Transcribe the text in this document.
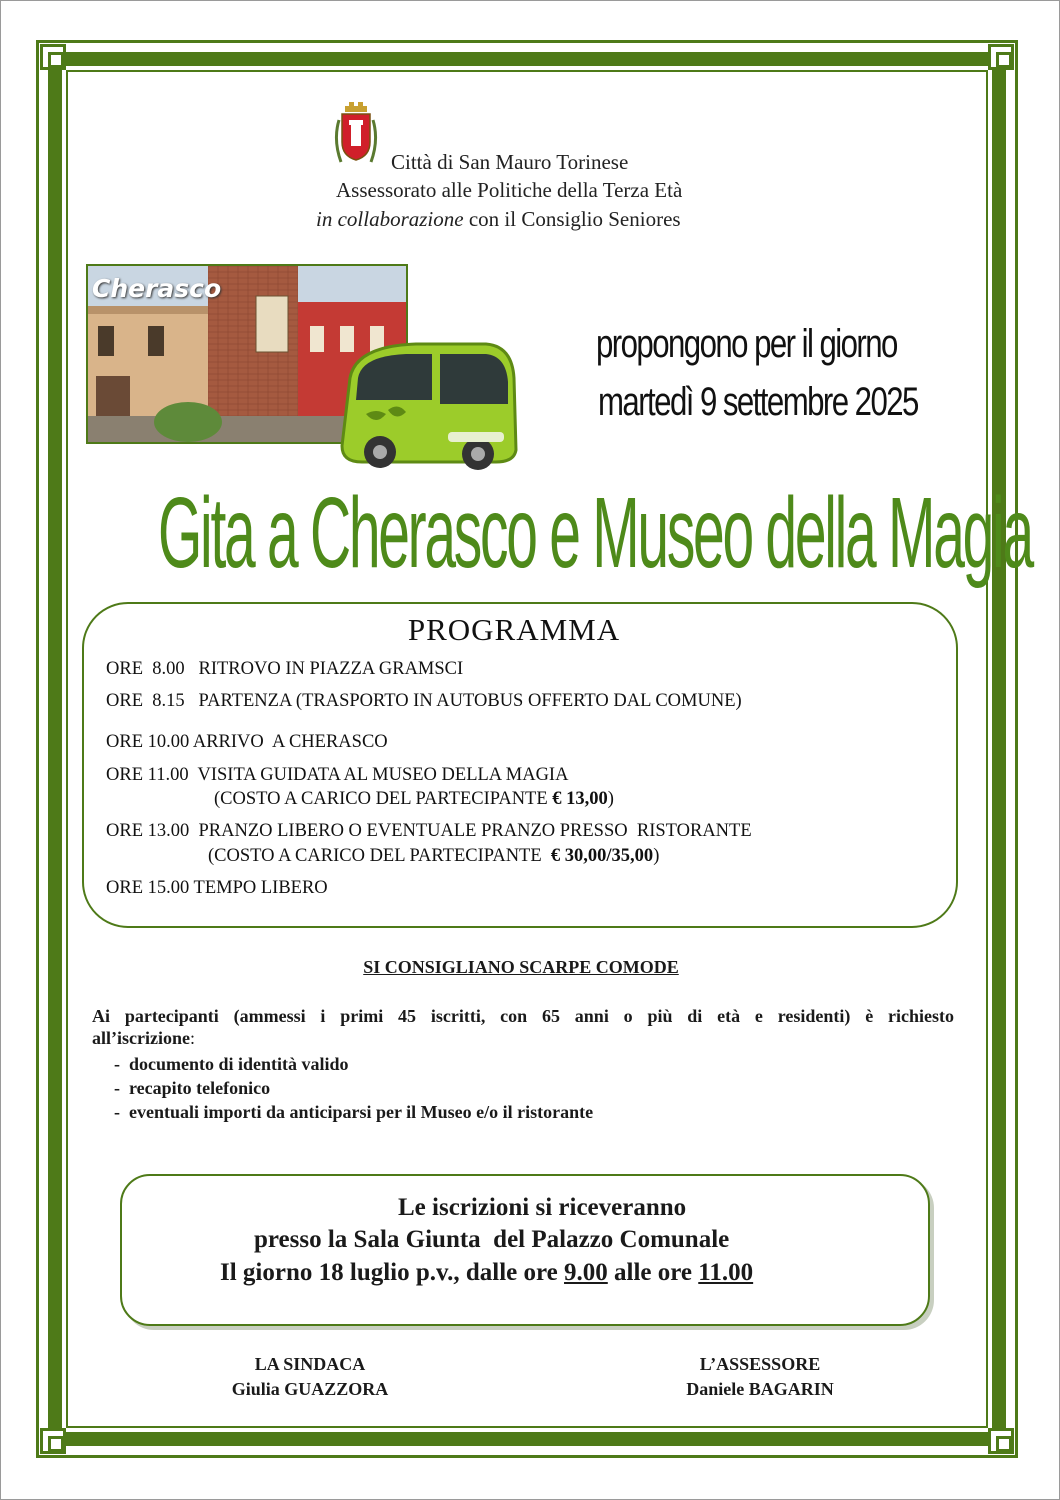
Città di San Mauro Torinese
Assessorato alle Politiche della Terza Età
in collaborazione con il Consiglio Seniores
Cherasco
propongono per il giorno
martedì 9 settembre 2025
Gita a Cherasco e Museo della Magia
PROGRAMMA
ORE  8.00   RITROVO IN PIAZZA GRAMSCI
ORE  8.15   PARTENZA (TRASPORTO IN AUTOBUS OFFERTO DAL COMUNE)
ORE 10.00 ARRIVO  A CHERASCO
ORE 11.00  VISITA GUIDATA AL MUSEO DELLA MAGIA
(COSTO A CARICO DEL PARTECIPANTE € 13,00)
ORE 13.00  PRANZO LIBERO O EVENTUALE PRANZO PRESSO  RISTORANTE
(COSTO A CARICO DEL PARTECIPANTE  € 30,00/35,00)
ORE 15.00 TEMPO LIBERO
SI CONSIGLIANO SCARPE COMODE
Ai partecipanti (ammessi i primi 45 iscritti, con 65 anni o più di età e residenti) è richiesto
all’iscrizione:
-  documento di identità valido
-  recapito telefonico
-  eventuali importi da anticiparsi per il Museo e/o il ristorante
Le iscrizioni si riceveranno
presso la Sala Giunta  del Palazzo Comunale
Il giorno 18 luglio p.v., dalle ore 9.00 alle ore 11.00
LA SINDACA
Giulia GUAZZORA
L’ASSESSORE
Daniele BAGARIN
